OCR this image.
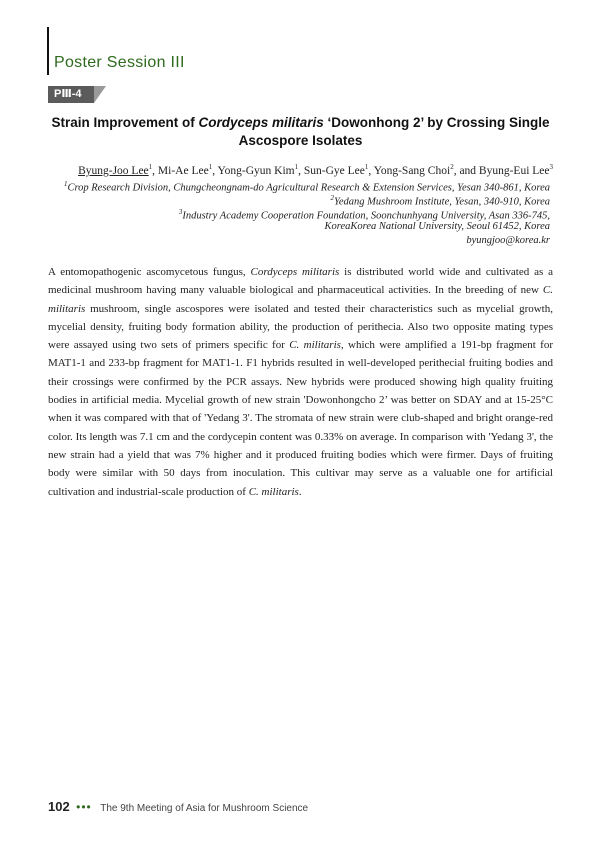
Poster Session III
PⅢ-4
Strain Improvement of Cordyceps militaris ‘Dowonhong 2’ by Crossing Single
Ascospore Isolates
Byung-Joo Lee$^1$, Mi-Ae Lee$^1$, Yong-Gyun Kim$^1$, Sun-Gye Lee$^1$, Yong-Sang Choi$^2$, and Byung-Eui Lee$^3$
$^1$Crop Research Division, Chungcheongnam-do Agricultural Research & Extension Services, Yesan 340-861, Korea
$^2$Yedang Mushroom Institute, Yesan, 340-910, Korea
$^3$Industry Academy Cooperation Foundation, Soonchunhyang University, Asan 336-745,
KoreaKorea National University, Seoul 61452, Korea
byungjoo@korea.kr
A entomopathogenic ascomycetous fungus, Cordyceps militaris is distributed world wide and cultivated as a medicinal mushroom having many valuable biological and pharmaceutical activities. In the breeding of new C. militaris mushroom, single ascospores were isolated and tested their characteristics such as mycelial growth, mycelial density, fruiting body formation ability, the production of perithecia. Also two opposite mating types were assayed using two sets of primers specific for C. militaris, which were amplified a 191-bp fragment for MAT1-1 and 233-bp fragment for MAT1-1. F1 hybrids resulted in well-developed perithecial fruiting bodies and their crossings were confirmed by the PCR assays. New hybrids were produced showing high quality fruiting bodies in artificial media. Mycelial growth of new strain 'Dowonhongcho 2’ was better on SDAY and at 15-25°C when it was compared with that of 'Yedang 3'. The stromata of new strain were club-shaped and bright orange-red color. Its length was 7.1 cm and the cordycepin content was 0.33% on average. In comparison with 'Yedang 3', the new strain had a yield that was 7% higher and it produced fruiting bodies which were firmer. Days of fruiting body were similar with 50 days from inoculation. This cultivar may serve as a valuable one for artificial cultivation and industrial-scale production of C. militaris.
102 ••• The 9th Meeting of Asia for Mushroom Science
